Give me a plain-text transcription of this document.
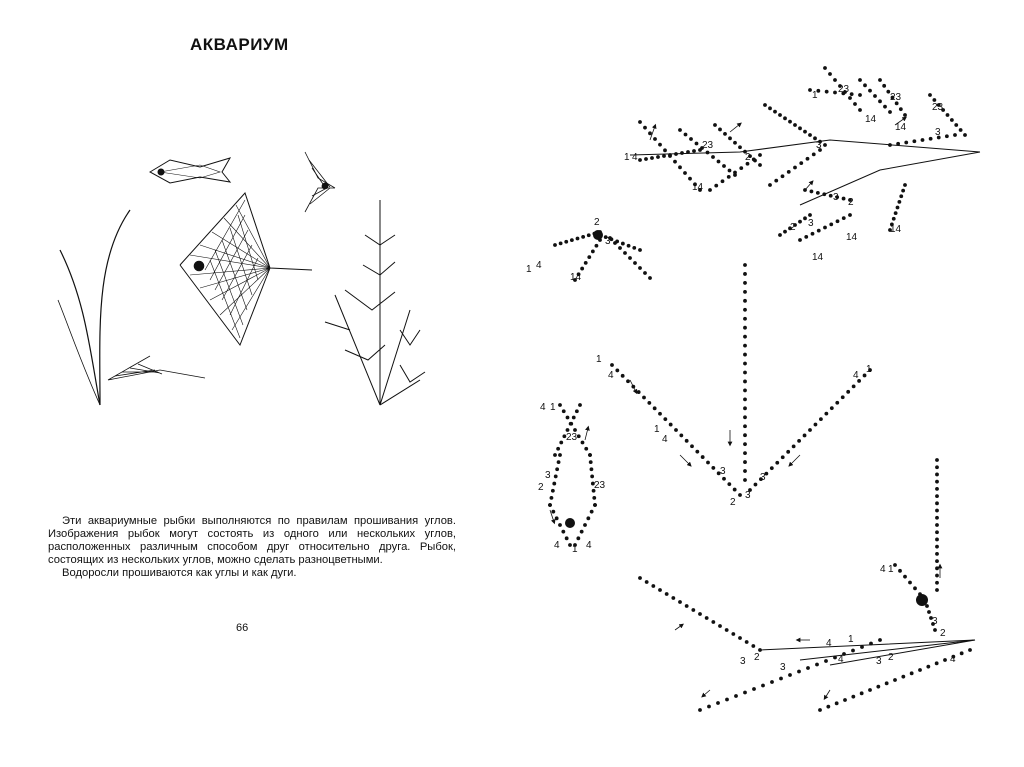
АКВАРИУМ

Эти аквариумные рыбки выполняются по правилам прошивания углов. Изображения рыбок могут состоять из одного или нескольких углов, расположенных различным способом друг относительно друга. Рыбок, состоящих из нескольких углов, можно сделать разноцветными.

Водоросли прошиваются как углы и как дуги.

66
1 4
23
2
3
23
1
14
23
23
3
14
14
2
3
3
2
14
14
14
1 4
14
2
3
1
4
1
4
3
2
3
3
4
1
4 1
23
2
3
23
4 1 4
4 1
3
2
3 2
3
4 1
4	3 2	4
